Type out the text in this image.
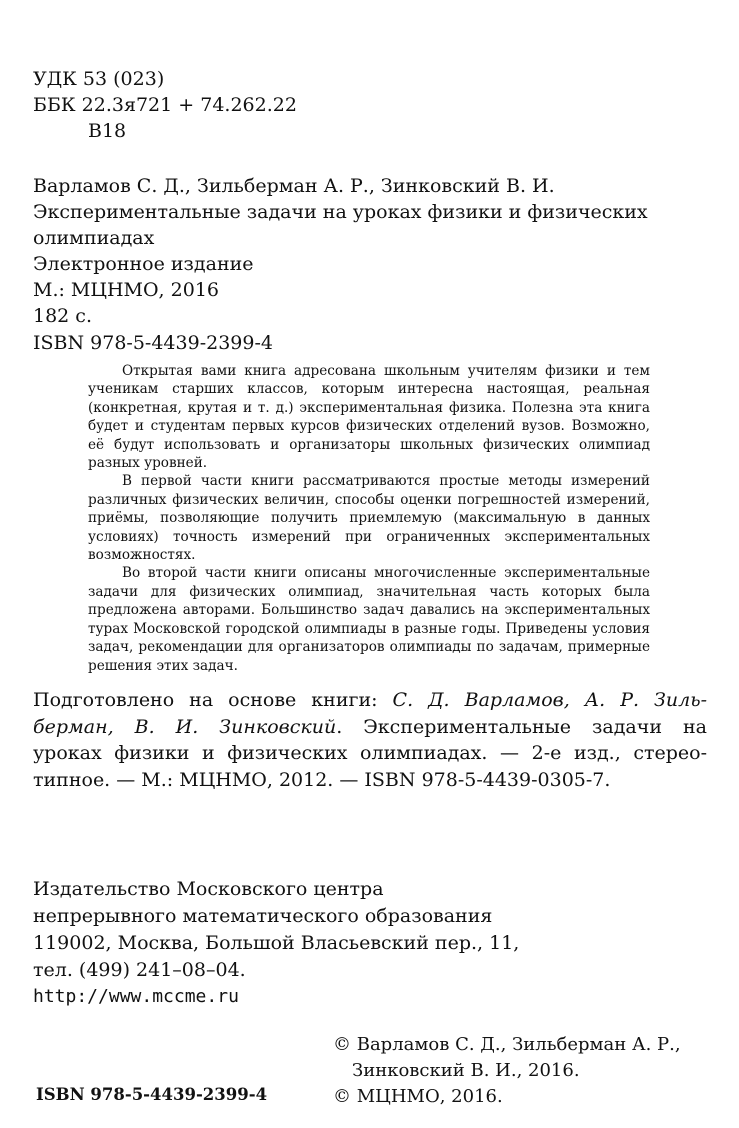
УДК 53 (023)
ББК 22.3я721 + 74.262.22
В18
Варламов С. Д., Зильберман А. Р., Зинковский В. И.
Экспериментальные задачи на уроках физики и физических
олимпиадах
Электронное издание
М.: МЦНМО, 2016
182 с.
ISBN 978-5-4439-2399-4

Открытая вами книга адресована школьным учителям физики и тем ученикам старших классов, которым интересна настоящая, реальная (конкретная, крутая и т. д.) экспериментальная физика. Полезна эта книга будет и студентам первых курсов физических отделений вузов. Возможно, её будут использовать и организаторы школьных физических олимпиад разных уровней.

В первой части книги рассматриваются простые методы измерений различных физических величин, способы оценки погрешностей измерений, приёмы, позволяющие получить приемлемую (максимальную в данных условиях) точность измерений при ограниченных экспериментальных возможностях.

Во второй части книги описаны многочисленные экспериментальные задачи для физических олимпиад, значительная часть которых была предложена авторами. Большинство задач давались на экспериментальных турах Московской городской олимпиады в разные годы. Приведены условия задач, рекомендации для организаторов олимпиады по задачам, примерные решения этих задач.

Подготовлено на основе книги: С. Д. Варламов, А. Р. Зиль-
берман, В. И. Зинковский. Экспериментальные задачи на
уроках физики и физических олимпиадах. — 2-е изд., стерео-
типное. — М.: МЦНМО, 2012. — ISBN 978-5-4439-0305-7.
Издательство Московского центра
непрерывного математического образования
119002, Москва, Большой Власьевский пер., 11,
тел. (499) 241–08–04.
http://www.mccme.ru
ISBN 978-5-4439-2399-4
© Варламов С. Д., Зильберман А. Р.,
Зинковский В. И., 2016.
© МЦНМО, 2016.
